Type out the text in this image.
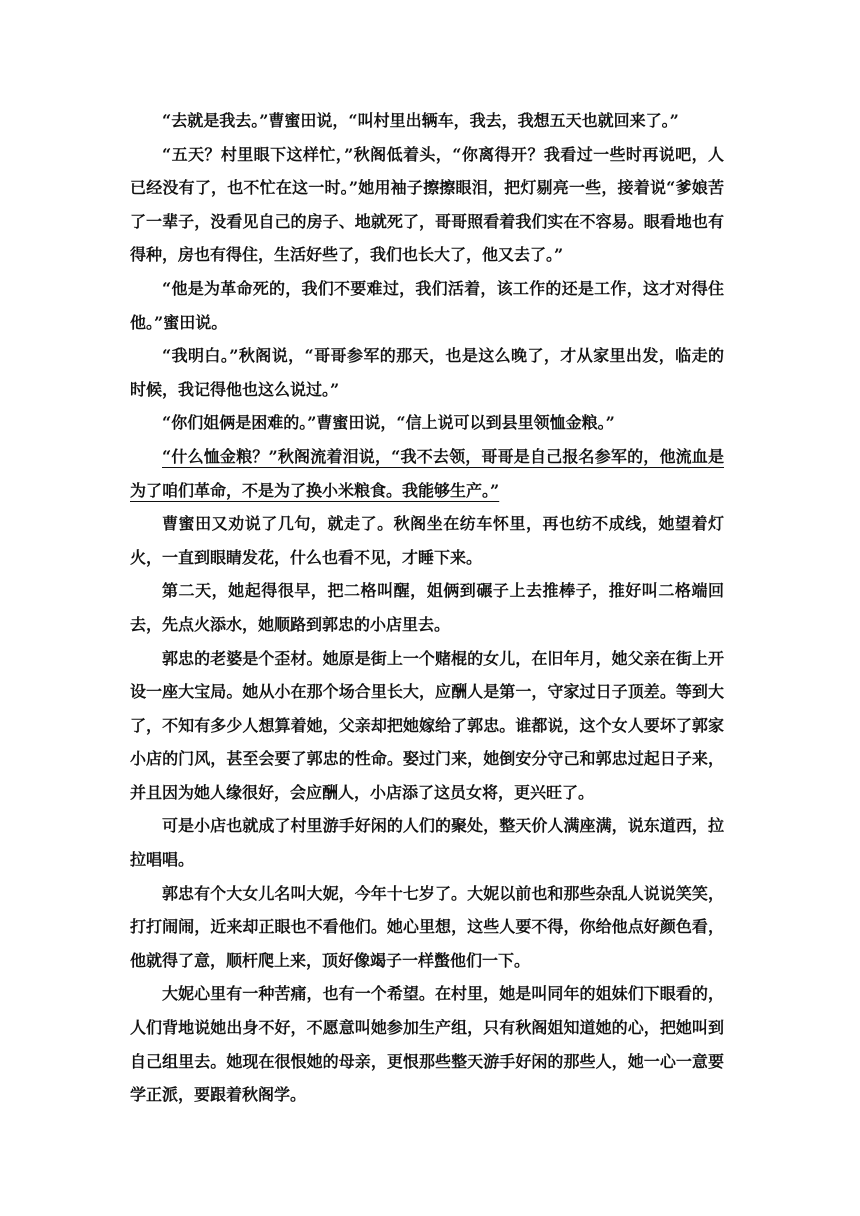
“去就是我去。”曹蜜田说，“叫村里出辆车，我去，我想五天也就回来了。”

“五天？村里眼下这样忙，”秋阁低着头，“你离得开？我看过一些时再说吧，人已经没有了，也不忙在这一时。”她用袖子擦擦眼泪，把灯剔亮一些，接着说“爹娘苦了一辈子，没看见自己的房子、地就死了，哥哥照看着我们实在不容易。眼看地也有得种，房也有得住，生活好些了，我们也长大了，他又去了。”

“他是为革命死的，我们不要难过，我们活着，该工作的还是工作，这才对得住他。”蜜田说。

“我明白。”秋阁说，“哥哥参军的那天，也是这么晚了，才从家里出发，临走的时候，我记得他也这么说过。”

“你们姐俩是困难的。”曹蜜田说，“信上说可以到县里领恤金粮。”

“什么恤金粮？”秋阁流着泪说，“我不去领，哥哥是自己报名参军的，他流血是为了咱们革命，不是为了换小米粮食。我能够生产。”

曹蜜田又劝说了几句，就走了。秋阁坐在纺车怀里，再也纺不成线，她望着灯火，一直到眼睛发花，什么也看不见，才睡下来。

第二天，她起得很早，把二格叫醒，姐俩到碾子上去推棒子，推好叫二格端回去，先点火添水，她顺路到郭忠的小店里去。

郭忠的老婆是个歪材。她原是街上一个赌棍的女儿，在旧年月，她父亲在街上开设一座大宝局。她从小在那个场合里长大，应酬人是第一，守家过日子顶差。等到大了，不知有多少人想算着她，父亲却把她嫁给了郭忠。谁都说，这个女人要坏了郭家小店的门风，甚至会要了郭忠的性命。娶过门来，她倒安分守己和郭忠过起日子来，并且因为她人缘很好，会应酬人，小店添了这员女将，更兴旺了。

可是小店也就成了村里游手好闲的人们的聚处，整天价人满座满，说东道西，拉拉唱唱。

郭忠有个大女儿名叫大妮，今年十七岁了。大妮以前也和那些杂乱人说说笑笑，打打闹闹，近来却正眼也不看他们。她心里想，这些人要不得，你给他点好颜色看，他就得了意，顺杆爬上来，顶好像竭子一样蟞他们一下。

大妮心里有一种苦痛，也有一个希望。在村里，她是叫同年的姐妹们下眼看的，人们背地说她出身不好，不愿意叫她参加生产组，只有秋阁姐知道她的心，把她叫到自己组里去。她现在很恨她的母亲，更恨那些整天游手好闲的那些人，她一心一意要学正派，要跟着秋阁学。
